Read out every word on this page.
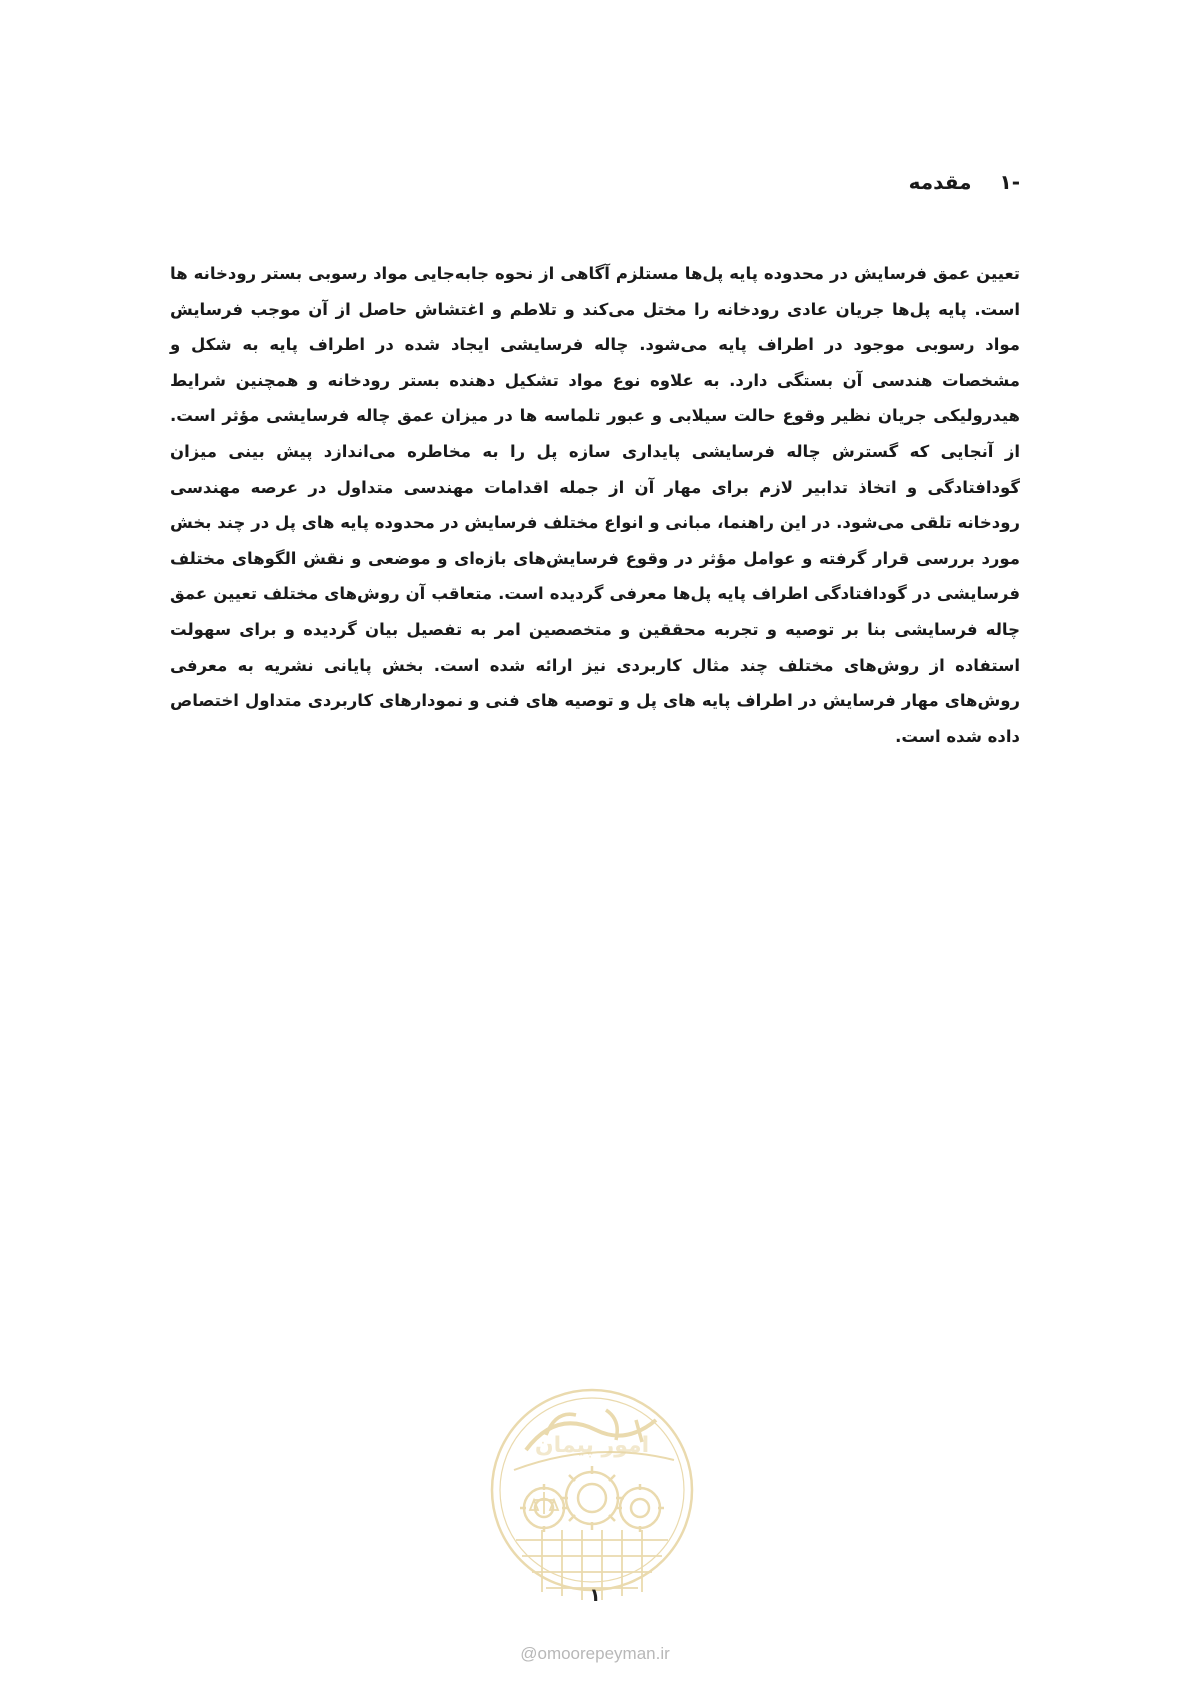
-۱
مقدمه

تعیین عمق فرسایش در محدوده پایه پل‌ها مستلزم آگاهی از نحوه جابه‌جایی مواد رسوبی بستر رودخانه ها است. پایه پل‌ها جریان عادی رودخانه را مختل می‌کند و تلاطم و اغتشاش حاصل از آن موجب فرسایش مواد رسوبی موجود در اطراف پایه می‌شود. چاله فرسایشی ایجاد شده در اطراف پایه به شکل و مشخصات هندسی آن بستگی دارد. به علاوه نوع مواد تشکیل دهنده بستر رودخانه و همچنین شرایط هیدرولیکی جریان نظیر وقوع حالت سیلابی و عبور تلماسه ها در میزان عمق چاله فرسایشی مؤثر است. از آنجایی که گسترش چاله فرسایشی پایداری سازه پل را به مخاطره می‌اندازد پیش بینی میزان گودافتادگی و اتخاذ تدابیر لازم برای مهار آن از جمله اقدامات مهندسی متداول در عرصه مهندسی رودخانه تلقی می‌شود. در این راهنما، مبانی و انواع مختلف فرسایش در محدوده پایه های پل در چند بخش مورد بررسی قرار گرفته و عوامل مؤثر در وقوع فرسایش‌های بازه‌ای و موضعی و نقش الگوهای مختلف فرسایشی در گودافتادگی اطراف پایه پل‌ها معرفی گردیده است. متعاقب آن روش‌های مختلف تعیین عمق چاله فرسایشی بنا بر توصیه و تجربه محققین و متخصصین امر به تفصیل بیان گردیده و برای سهولت استفاده از روش‌های مختلف چند مثال کاربردی نیز ارائه شده است. بخش پایانی نشریه به معرفی روش‌های مهار فرسایش در اطراف پایه های پل و توصیه های فنی و نمودارهای کاربردی متداول اختصاص داده شده است.

امور پیمان
۱
@omoorepeyman.ir
